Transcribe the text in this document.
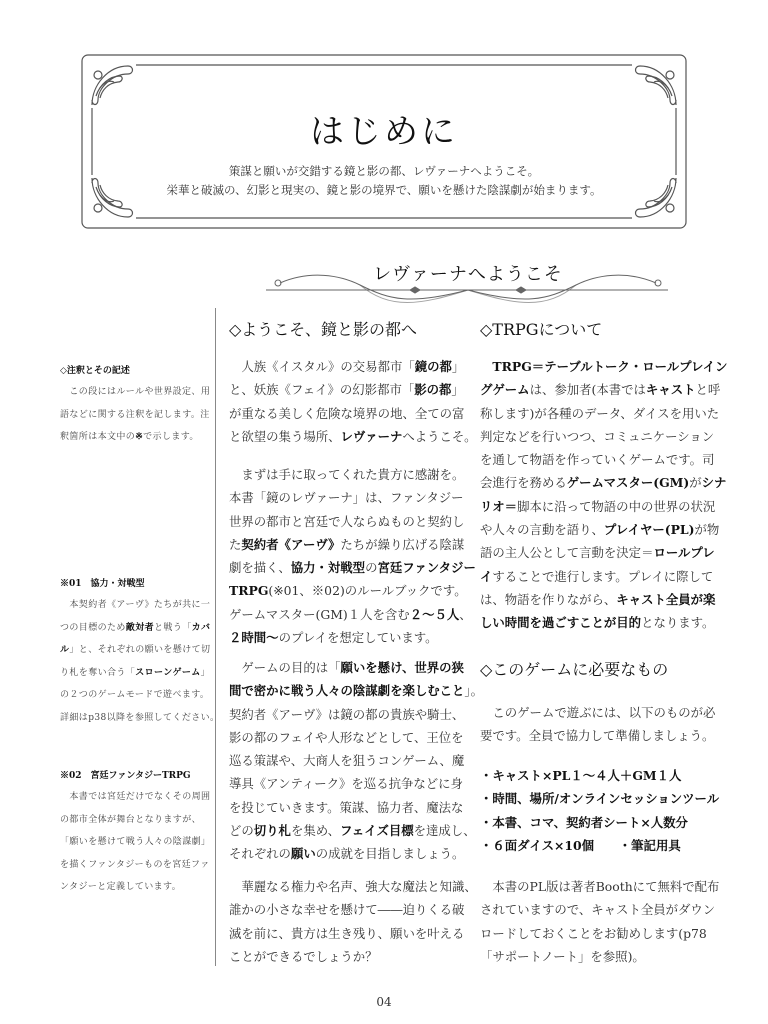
はじめに
策謀と願いが交錯する鏡と影の都、レヴァーナへようこそ。
栄華と破滅の、幻影と現実の、鏡と影の境界で、願いを懸けた陰謀劇が始まります。
レヴァーナへようこそ
◇注釈とその記述
　この段にはルールや世界設定、用
語などに関する注釈を記します。注
釈箇所は本文中の※で示します。
※01　協力・対戦型
　本契約者《アーヴ》たちが共に一
つの目標のため敵対者と戦う「カバ
ル」と、それぞれの願いを懸けて切
り札を奪い合う「スローンゲーム」
の２つのゲームモードで遊べます。
詳細はp38以降を参照してください。
※02　宮廷ファンタジーTRPG
　本書では宮廷だけでなくその周囲
の都市全体が舞台となりますが、
「願いを懸けて戦う人々の陰謀劇」
を描くファンタジーものを宮廷ファ
ンタジーと定義しています。
◇ようこそ、鏡と影の都へ
　人族《イスタル》の交易都市「鏡の都」
と、妖族《フェイ》の幻影都市「影の都」
が重なる美しく危険な境界の地、全ての富
と欲望の集う場所、レヴァーナへようこそ。
　まずは手に取ってくれた貴方に感謝を。
本書「鏡のレヴァーナ」は、ファンタジー
世界の都市と宮廷で人ならぬものと契約し
た契約者《アーヴ》たちが繰り広げる陰謀
劇を描く、協力・対戦型の宮廷ファンタジー
TRPG(※01、※02)のルールブックです。
ゲームマスター(GM)１人を含む２～５人、
２時間～のプレイを想定しています。
　ゲームの目的は「願いを懸け、世界の狭
間で密かに戦う人々の陰謀劇を楽しむこと」。
契約者《アーヴ》は鏡の都の貴族や騎士、
影の都のフェイや人形などとして、王位を
巡る策謀や、大商人を狙うコンゲーム、魔
導具《アンティーク》を巡る抗争などに身
を投じていきます。策謀、協力者、魔法な
どの切り札を集め、フェイズ目標を達成し、
それぞれの願いの成就を目指しましょう。
　華麗なる権力や名声、強大な魔法と知識、
誰かの小さな幸せを懸けて――迫りくる破
滅を前に、貴方は生き残り、願いを叶える
ことができるでしょうか？
◇TRPGについて
　TRPG＝テーブルトーク・ロールプレイン
グゲームは、参加者(本書ではキャストと呼
称します)が各種のデータ、ダイスを用いた
判定などを行いつつ、コミュニケーション
を通して物語を作っていくゲームです。司
会進行を務めるゲームマスター(GM)がシナ
リオ＝脚本に沿って物語の中の世界の状況
や人々の言動を語り、プレイヤー(PL)が物
語の主人公として言動を決定＝ロールプレ
イすることで進行します。プレイに際して
は、物語を作りながら、キャスト全員が楽
しい時間を過ごすことが目的となります。
◇このゲームに必要なもの
　このゲームで遊ぶには、以下のものが必
要です。全員で協力して準備しましょう。
・キャスト×PL１～４人＋GM１人
・時間、場所/オンラインセッションツール
・本書、コマ、契約者シート×人数分
・６面ダイス×10個　　・筆記用具
　本書のPL版は著者Boothにて無料で配布
されていますので、キャスト全員がダウン
ロードしておくことをお勧めします(p78
「サポートノート」を参照)。
04
